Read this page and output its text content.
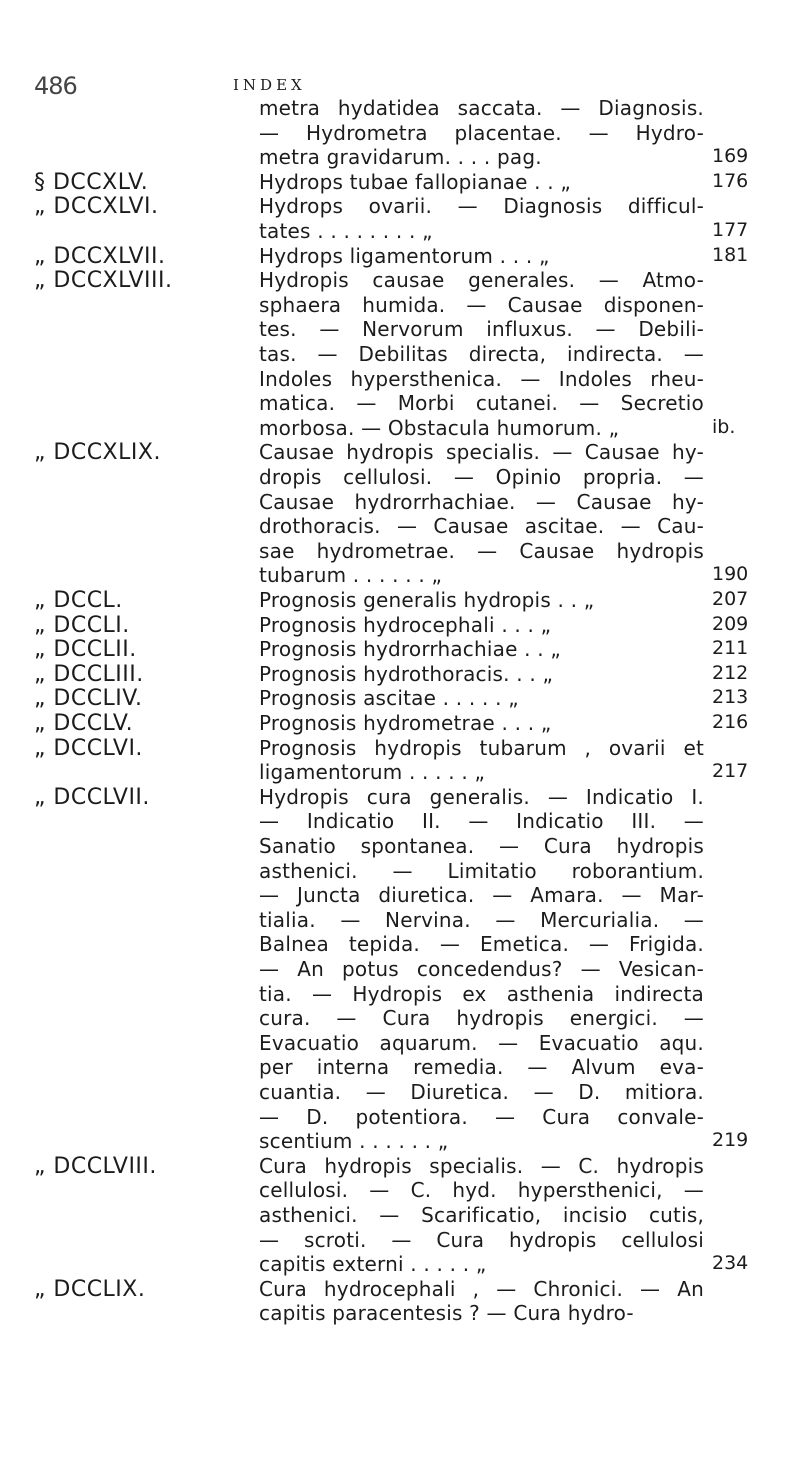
486	INDEX
metra hydatidea saccata. — Diagnosis.
— Hydrometra placentae. — Hydro-
metra gravidarum. . . . pag.	169
§ DCCXLV.	Hydrops tubae fallopianae . . „	176
„ DCCXLVI.	Hydrops ovarii. — Diagnosis difficul-
tates . . . . . . . . „	177
„ DCCXLVII.	Hydrops ligamentorum . . . „	181
„ DCCXLVIII.	Hydropis causae generales. — Atmo-
sphaera humida. — Causae disponen-
tes. — Nervorum influxus. — Debili-
tas. — Debilitas directa, indirecta. —
Indoles hypersthenica. — Indoles rheu-
matica. — Morbi cutanei. — Secretio
morbosa. — Obstacula humorum. „	ib.
„ DCCXLIX.	Causae hydropis specialis. — Causae hy-
dropis cellulosi. — Opinio propria. —
Causae hydrorrhachiae. — Causae hy-
drothoracis. — Causae ascitae. — Cau-
sae hydrometrae. — Causae hydropis
tubarum . . . . . . „	190
„ DCCL.	Prognosis generalis hydropis . . „	207
„ DCCLI.	Prognosis hydrocephali . . . „	209
„ DCCLII.	Prognosis hydrorrhachiae . . „	211
„ DCCLIII.	Prognosis hydrothoracis. . . „	212
„ DCCLIV.	Prognosis ascitae . . . . . „	213
„ DCCLV.	Prognosis hydrometrae . . . „	216
„ DCCLVI.	Prognosis hydropis tubarum , ovarii et
ligamentorum . . . . . „	217
„ DCCLVII.	Hydropis cura generalis. — Indicatio I.
— Indicatio II. — Indicatio III. —
Sanatio spontanea. — Cura hydropis
asthenici. — Limitatio roborantium.
— Juncta diuretica. — Amara. — Mar-
tialia. — Nervina. — Mercurialia. —
Balnea tepida. — Emetica. — Frigida.
— An potus concedendus? — Vesican-
tia. — Hydropis ex asthenia indirecta
cura. — Cura hydropis energici. —
Evacuatio aquarum. — Evacuatio aqu.
per interna remedia. — Alvum eva-
cuantia. — Diuretica. — D. mitiora.
— D. potentiora. — Cura convale-
scentium . . . . . . „	219
„ DCCLVIII.	Cura hydropis specialis. — C. hydropis
cellulosi. — C. hyd. hypersthenici, —
asthenici. — Scarificatio, incisio cutis,
— scroti. — Cura hydropis cellulosi
capitis externi . . . . . „	234
„ DCCLIX.	Cura hydrocephali , — Chronici. — An
capitis paracentesis ? — Cura hydro-
